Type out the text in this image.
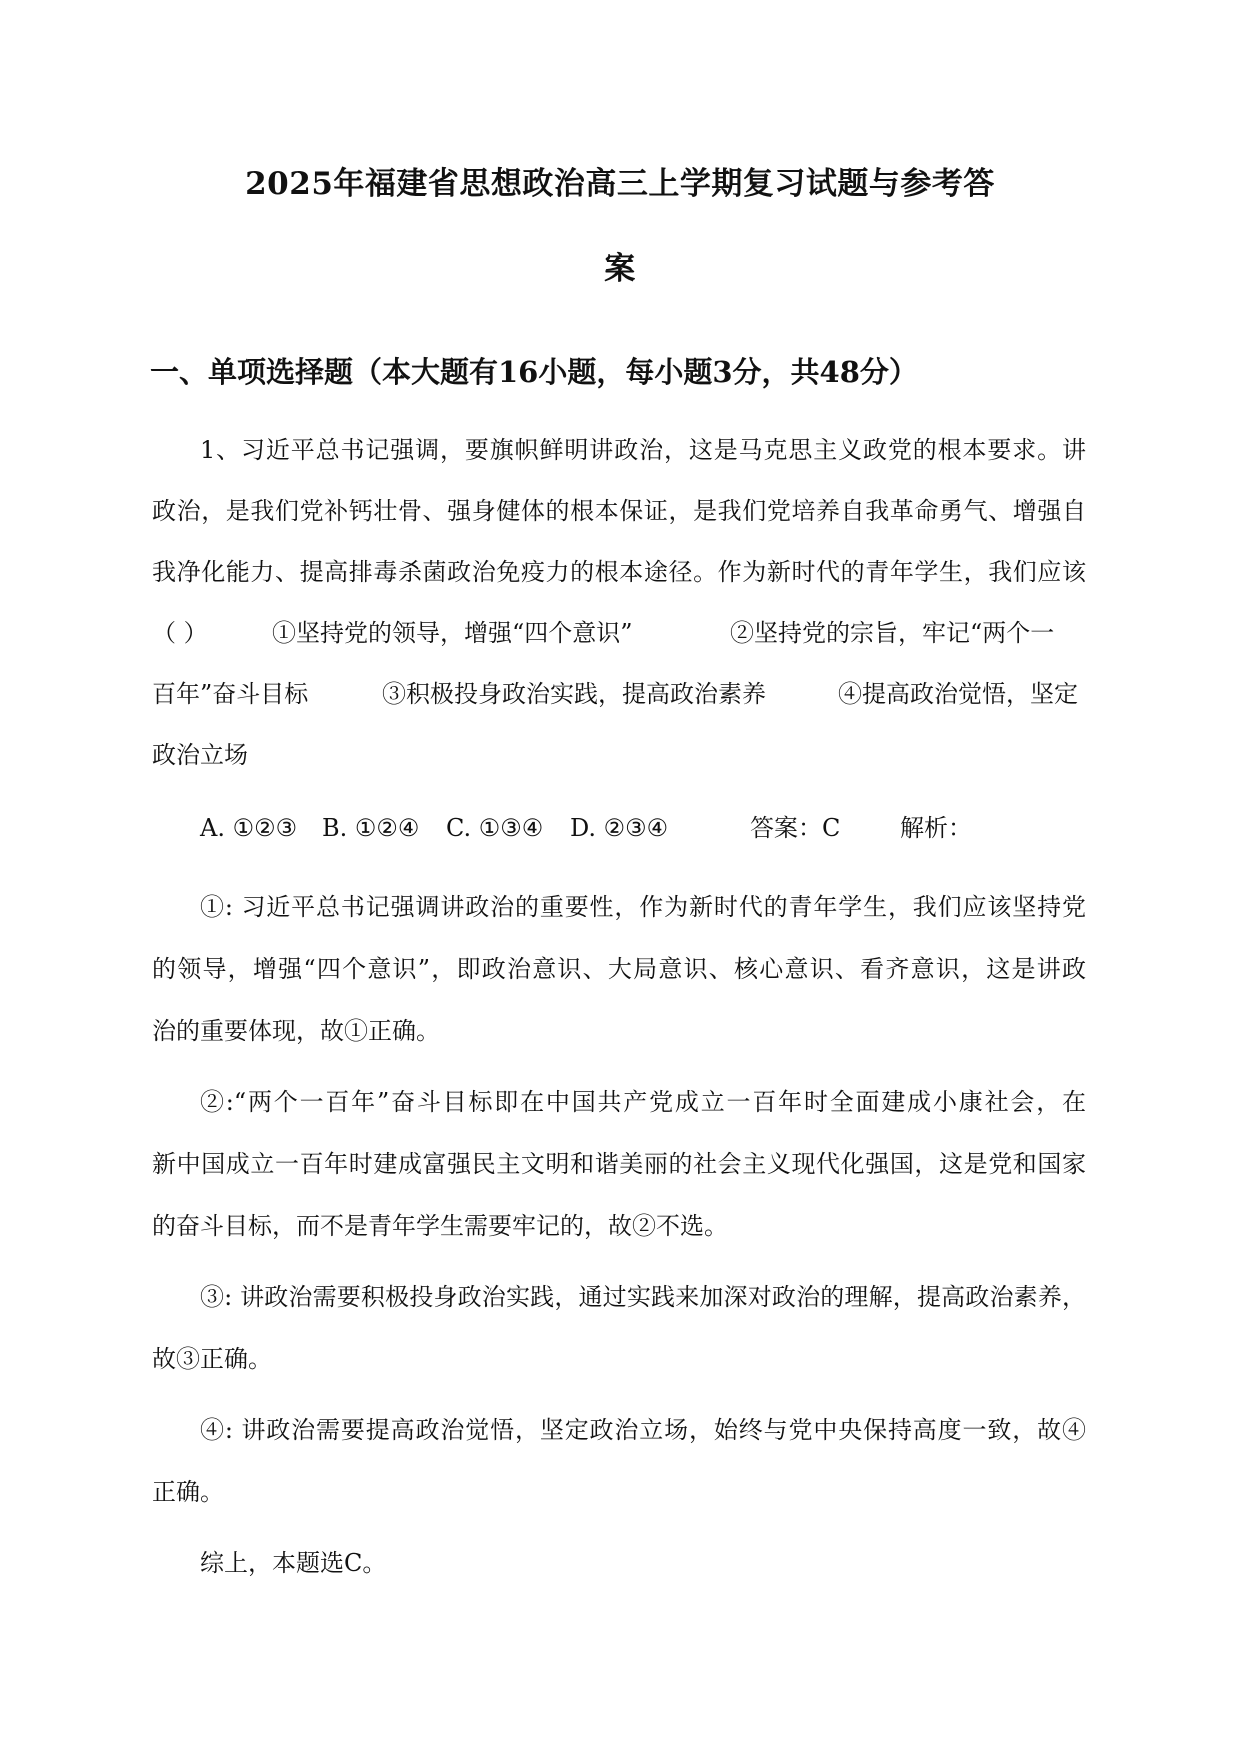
2025年福建省思想政治高三上学期复习试题与参考答
案
一、单项选择题（本大题有16小题，每小题3分，共48分）
1、习近平总书记强调，要旗帜鲜明讲政治，这是马克思主义政党的根本要求。讲
政治，是我们党补钙壮骨、强身健体的根本保证，是我们党培养自我革命勇气、增强自
我净化能力、提高排毒杀菌政治免疫力的根本途径。作为新时代的青年学生，我们应该
（ ）	①坚持党的领导，增强“四个意识”	②坚持党的宗旨，牢记“两个一
百年”奋斗目标	③积极投身政治实践，提高政治素养	④提高政治觉悟，坚定
政治立场
A. ①②③ B. ①②④ C. ①③④ D. ②③④	答案：C 解析：
①: 习近平总书记强调讲政治的重要性，作为新时代的青年学生，我们应该坚持党
的领导，增强“四个意识”，即政治意识、大局意识、核心意识、看齐意识，这是讲政
治的重要体现，故①正确。
②:“两个一百年”奋斗目标即在中国共产党成立一百年时全面建成小康社会，在
新中国成立一百年时建成富强民主文明和谐美丽的社会主义现代化强国，这是党和国家
的奋斗目标，而不是青年学生需要牢记的，故②不选。
③: 讲政治需要积极投身政治实践，通过实践来加深对政治的理解，提高政治素养，
故③正确。
④: 讲政治需要提高政治觉悟，坚定政治立场，始终与党中央保持高度一致，故④
正确。
综上，本题选C。
